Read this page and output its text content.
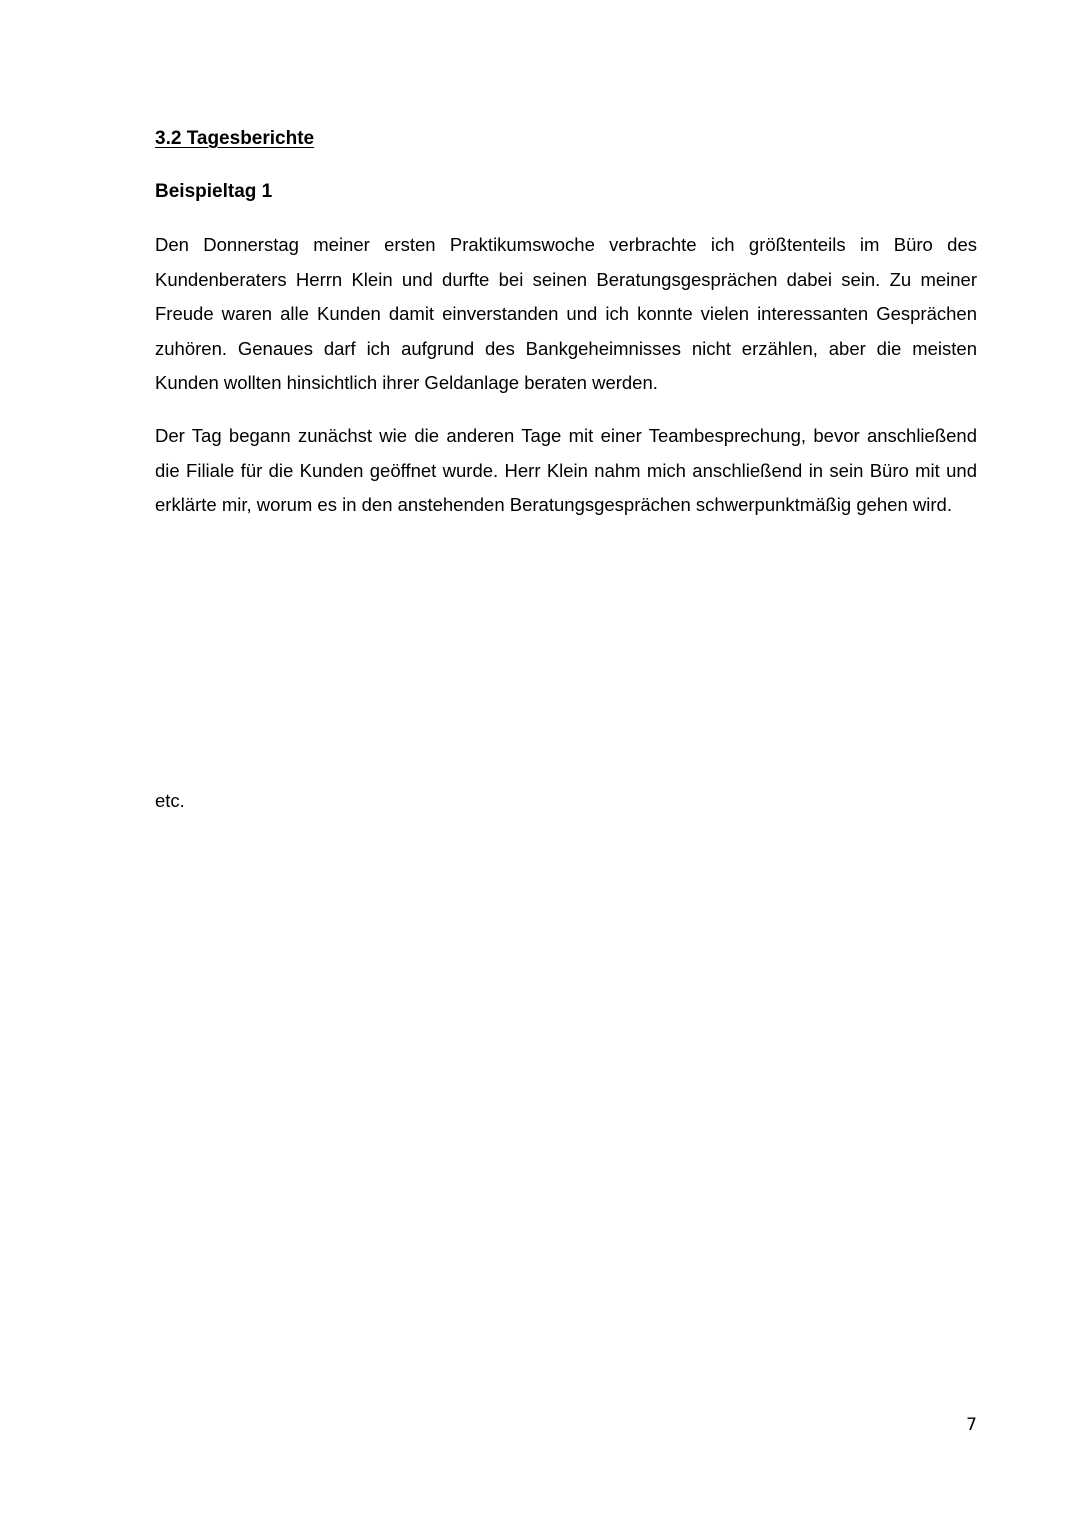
3.2 Tagesberichte
Beispieltag 1

Den Donnerstag meiner ersten Praktikumswoche verbrachte ich größtenteils im Büro des Kundenberaters Herrn Klein und durfte bei seinen Beratungsgesprächen dabei sein. Zu meiner Freude waren alle Kunden damit einverstanden und ich konnte vielen interessanten Gesprächen zuhören. Genaues darf ich aufgrund des Bankgeheimnisses nicht erzählen, aber die meisten Kunden wollten hinsichtlich ihrer Geldanlage beraten werden.

Der Tag begann zunächst wie die anderen Tage mit einer Teambesprechung, bevor anschließend die Filiale für die Kunden geöffnet wurde. Herr Klein nahm mich anschließend in sein Büro mit und erklärte mir, worum es in den anstehenden Beratungsgesprächen schwerpunktmäßig gehen wird.

etc.

7
